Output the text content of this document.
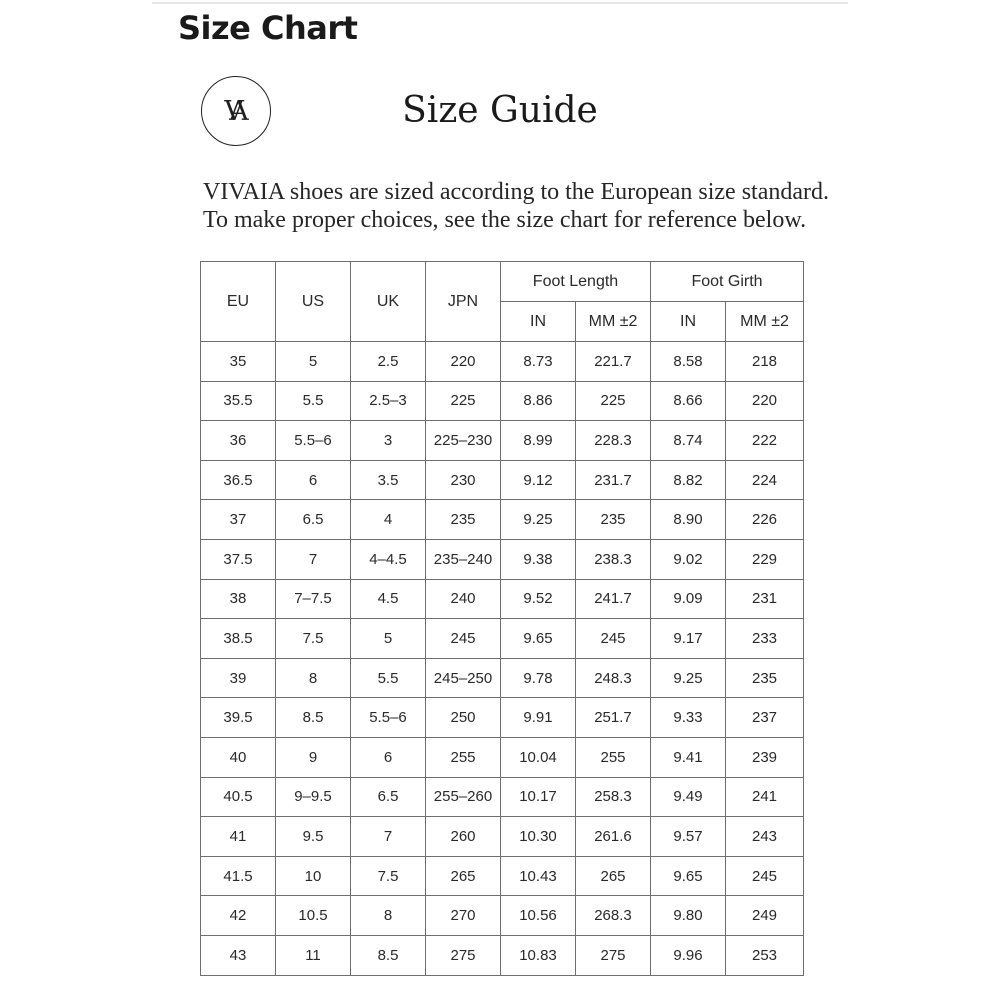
Size Chart
VA	Size Guide

VIVAIA shoes are sized according to the European size standard.

To make proper choices, see the size chart for reference below.

EU	US	UK	JPN	Foot Length		Foot Girth	
				IN	MM ±2	IN	MM ±2
35	5	2.5	220	8.73	221.7	8.58	218
35.5	5.5	2.5–3	225	8.86	225	8.66	220
36	5.5–6	3	225–230	8.99	228.3	8.74	222
36.5	6	3.5	230	9.12	231.7	8.82	224
37	6.5	4	235	9.25	235	8.90	226
37.5	7	4–4.5	235–240	9.38	238.3	9.02	229
38	7–7.5	4.5	240	9.52	241.7	9.09	231
38.5	7.5	5	245	9.65	245	9.17	233
39	8	5.5	245–250	9.78	248.3	9.25	235
39.5	8.5	5.5–6	250	9.91	251.7	9.33	237
40	9	6	255	10.04	255	9.41	239
40.5	9–9.5	6.5	255–260	10.17	258.3	9.49	241
41	9.5	7	260	10.30	261.6	9.57	243
41.5	10	7.5	265	10.43	265	9.65	245
42	10.5	8	270	10.56	268.3	9.80	249
43	11	8.5	275	10.83	275	9.96	253
